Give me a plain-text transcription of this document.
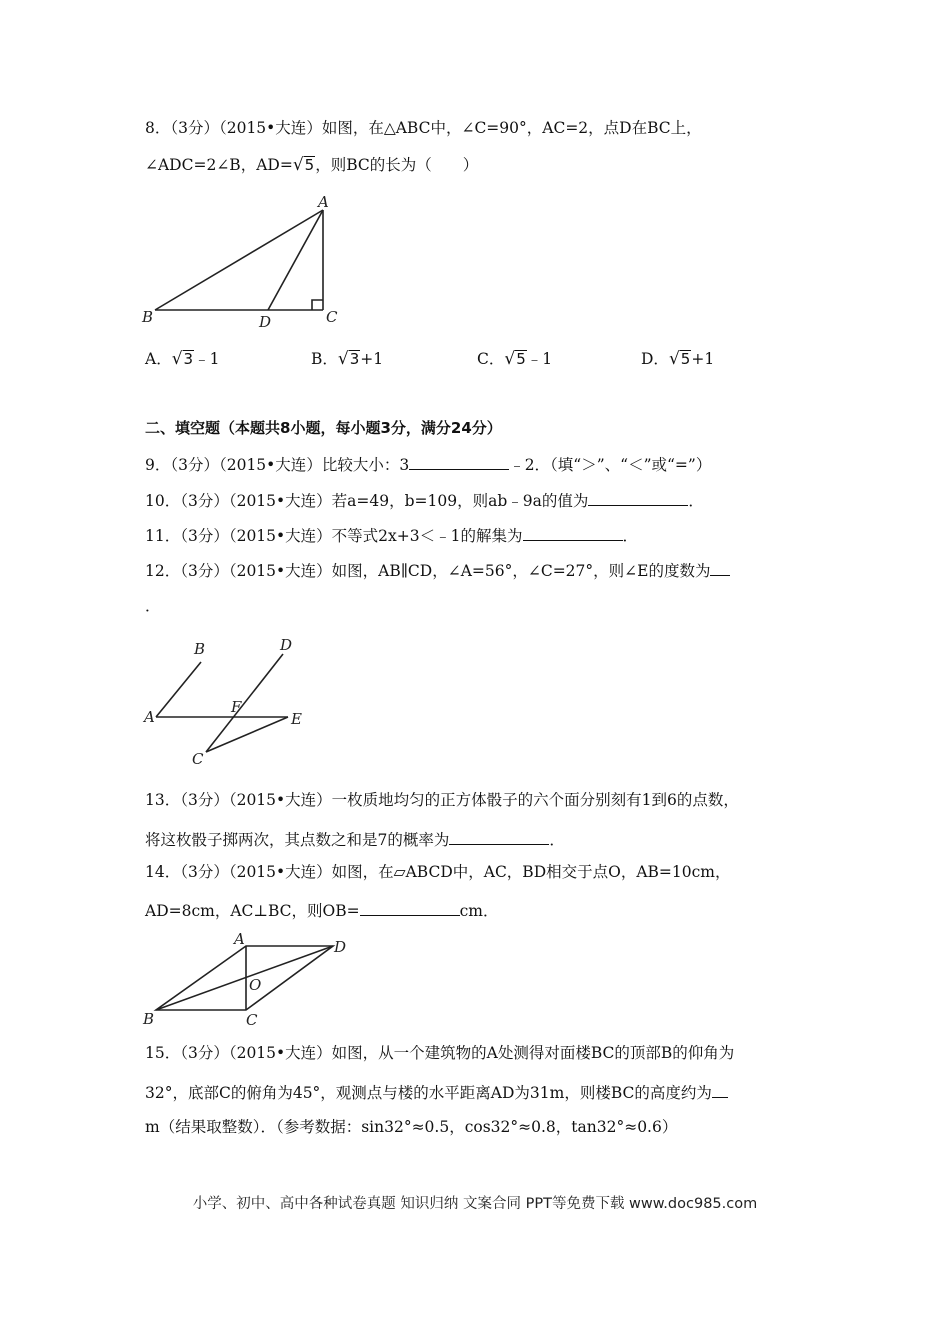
8．（3分）（2015•大连）如图，在△ABC中，∠C=90°，AC=2，点D在BC上，
∠ADC=2∠B，AD= √ 5 ，则BC的长为（　　）
A
B	C
D
A． √ 3 ﹣1	B． √ 3 +1	C． √ 5 ﹣1	D． √ 5 +1
二、填空题（本题共8小题，每小题3分，满分24分）
9．（3分）（2015•大连）比较大小：3	﹣2．（填“＞”、“＜”或“=”）
10．（3分）（2015•大连）若a=49，b=109，则ab﹣9a的值为	．
11．（3分）（2015•大连）不等式2x+3＜﹣1的解集为	．
12．（3分）（2015•大连）如图，AB∥CD，∠A=56°，∠C=27°，则∠E的度数为
．
B
A
D
F
E
C
13．（3分）（2015•大连）一枚质地均匀的正方体骰子的六个面分别刻有1到6的点数，
将这枚骰子掷两次，其点数之和是7的概率为	．
14．（3分）（2015•大连）如图，在▱ABCD中，AC，BD相交于点O，AB=10cm，
AD=8cm，AC⊥BC，则OB=	cm．
A	D
O
B	C
15．（3分）（2015•大连）如图，从一个建筑物的A处测得对面楼BC的顶部B的仰角为
32°，底部C的俯角为45°，观测点与楼的水平距离AD为31m，则楼BC的高度约为
m（结果取整数）．（参考数据：sin32°≈0.5，cos32°≈0.8，tan32°≈0.6）
小学、初中、高中各种试卷真题 知识归纳 文案合同 PPT等免费下载 www.doc985.com
